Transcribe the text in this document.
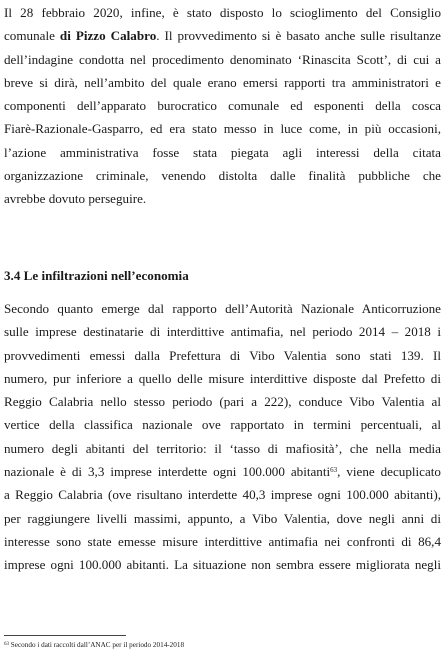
Il 28 febbraio 2020, infine, è stato disposto lo scioglimento del Consiglio
comunale di Pizzo Calabro. Il provvedimento si è basato anche sulle risultanze
dell’indagine condotta nel procedimento denominato ‘Rinascita Scott’, di cui a
breve si dirà, nell’ambito del quale erano emersi rapporti tra amministratori e
componenti dell’apparato burocratico comunale ed esponenti della cosca
Fiarè-Razionale-Gasparro, ed era stato messo in luce come, in più occasioni,
l’azione amministrativa fosse stata piegata agli interessi della citata
organizzazione criminale, venendo distolta dalle finalità pubbliche che
avrebbe dovuto perseguire.

3.4 Le infiltrazioni nell’economia

Secondo quanto emerge dal rapporto dell’Autorità Nazionale Anticorruzione
sulle imprese destinatarie di interdittive antimafia, nel periodo 2014 – 2018 i
provvedimenti emessi dalla Prefettura di Vibo Valentia sono stati 139. Il
numero, pur inferiore a quello delle misure interdittive disposte dal Prefetto di
Reggio Calabria nello stesso periodo (pari a 222), conduce Vibo Valentia al
vertice della classifica nazionale ove rapportato in termini percentuali, al
numero degli abitanti del territorio: il ‘tasso di mafiosità’, che nella media
nazionale è di 3,3 imprese interdette ogni 100.000 abitanti$^{63}$, viene decuplicato
a Reggio Calabria (ove risultano interdette 40,3 imprese ogni 100.000 abitanti),
per raggiungere livelli massimi, appunto, a Vibo Valentia, dove negli anni di
interesse sono state emesse misure interdittive antimafia nei confronti di 86,4
imprese ogni 100.000 abitanti. La situazione non sembra essere migliorata negli

$^{63}$ Secondo i dati raccolti dall’ANAC per il periodo 2014-2018
